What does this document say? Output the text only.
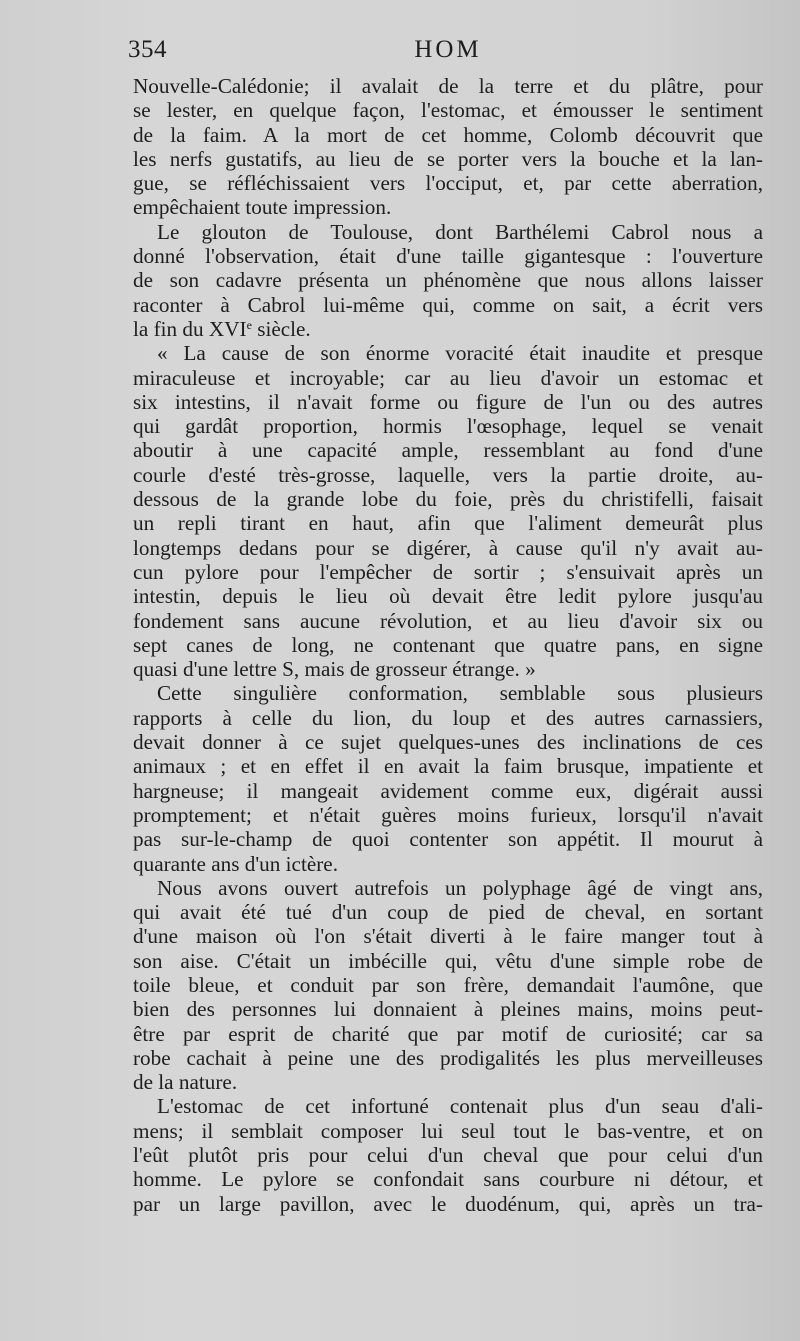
354	HOM
Nouvelle-Calédonie; il avalait de la terre et du plâtre, pour
se lester, en quelque façon, l'estomac, et émousser le sentiment
de la faim. A la mort de cet homme, Colomb découvrit que
les nerfs gustatifs, au lieu de se porter vers la bouche et la lan-
gue, se réfléchissaient vers l'occiput, et, par cette aberration,
empêchaient toute impression.
Le glouton de Toulouse, dont Barthélemi Cabrol nous a
donné l'observation, était d'une taille gigantesque : l'ouverture
de son cadavre présenta un phénomène que nous allons laisser
raconter à Cabrol lui-même qui, comme on sait, a écrit vers
la fin du XVIe siècle.
« La cause de son énorme voracité était inaudite et presque
miraculeuse et incroyable; car au lieu d'avoir un estomac et
six intestins, il n'avait forme ou figure de l'un ou des autres
qui gardât proportion, hormis l'œsophage, lequel se venait
aboutir à une capacité ample, ressemblant au fond d'une
courle d'esté très-grosse, laquelle, vers la partie droite, au-
dessous de la grande lobe du foie, près du christifelli, faisait
un repli tirant en haut, afin que l'aliment demeurât plus
longtemps dedans pour se digérer, à cause qu'il n'y avait au-
cun pylore pour l'empêcher de sortir ; s'ensuivait après un
intestin, depuis le lieu où devait être ledit pylore jusqu'au
fondement sans aucune révolution, et au lieu d'avoir six ou
sept canes de long, ne contenant que quatre pans, en signe
quasi d'une lettre S, mais de grosseur étrange. »
Cette singulière conformation, semblable sous plusieurs
rapports à celle du lion, du loup et des autres carnassiers,
devait donner à ce sujet quelques-unes des inclinations de ces
animaux ; et en effet il en avait la faim brusque, impatiente et
hargneuse; il mangeait avidement comme eux, digérait aussi
promptement; et n'était guères moins furieux, lorsqu'il n'avait
pas sur-le-champ de quoi contenter son appétit. Il mourut à
quarante ans d'un ictère.
Nous avons ouvert autrefois un polyphage âgé de vingt ans,
qui avait été tué d'un coup de pied de cheval, en sortant
d'une maison où l'on s'était diverti à le faire manger tout à
son aise. C'était un imbécille qui, vêtu d'une simple robe de
toile bleue, et conduit par son frère, demandait l'aumône, que
bien des personnes lui donnaient à pleines mains, moins peut-
être par esprit de charité que par motif de curiosité; car sa
robe cachait à peine une des prodigalités les plus merveilleuses
de la nature.
L'estomac de cet infortuné contenait plus d'un seau d'ali-
mens; il semblait composer lui seul tout le bas-ventre, et on
l'eût plutôt pris pour celui d'un cheval que pour celui d'un
homme. Le pylore se confondait sans courbure ni détour, et
par un large pavillon, avec le duodénum, qui, après un tra-
